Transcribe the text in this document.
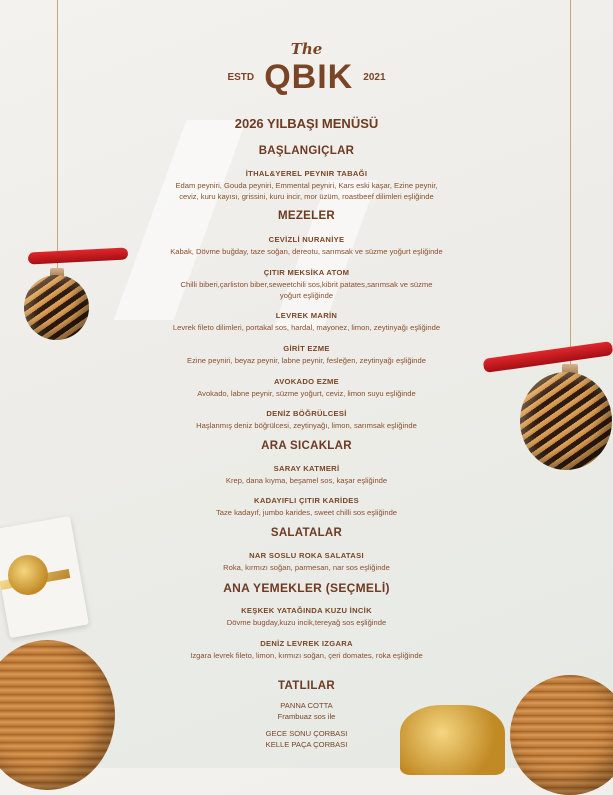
The
ESTD QBIK 2021
2026 YILBAŞI MENÜSÜ
BAŞLANGIÇLAR
İTHAL&YEREL PEYNIR TABAĞI
Edam peyniri, Gouda peyniri, Emmental peyniri, Kars eski kaşar, Ezine peynir,
ceviz, kuru kayısı, grissini, kuru incir, mor üzüm, roastbeef dilimleri eşliğinde
MEZELER
CEVİZLİ NURANİYE
Kabak, Dövme buğday, taze soğan, dereotu, sarımsak ve süzme yoğurt eşliğinde
ÇITIR MEKSİKA ATOM
Chilli biberi,çarliston biber,seweetchili sos,kibrit patates,sarımsak ve süzme
yoğurt eşliğinde
LEVREK MARİN
Levrek fileto dilimleri, portakal sos, hardal, mayonez, limon, zeytinyağı eşliğinde
GİRİT EZME
Ezine peyniri, beyaz peynir, labne peynir, fesleğen, zeytinyağı eşliğinde
AVOKADO EZME
Avokado, labne peynir, süzme yoğurt, ceviz, limon suyu eşliğinde
DENİZ BÖĞRÜLCESİ
Haşlanmış deniz böğrülcesi, zeytinyağı, limon, sarımsak eşliğinde
ARA SICAKLAR
SARAY KATMERİ
Krep, dana kıyma, beşamel sos, kaşar eşliğinde
KADAYIFLI ÇITIR KARİDES
Taze kadayıf, jumbo karides, sweet chilli sos eşliğinde
SALATALAR
NAR SOSLU ROKA SALATASI
Roka, kırmızı soğan, parmesan, nar sos eşliğinde
ANA YEMEKLER (SEÇMELİ)
KEŞKEK YATAĞINDA KUZU İNCİK
Dövme bugday,kuzu incik,tereyağ sos eşliğinde
DENİZ LEVREK IZGARA
Izgara levrek fileto, limon, kırmızı soğan, çeri domates, roka eşliğinde
TATLILAR
PANNA COTTA
Frambuaz sos ile
GECE SONU ÇORBASI
KELLE PAÇA ÇORBASI
